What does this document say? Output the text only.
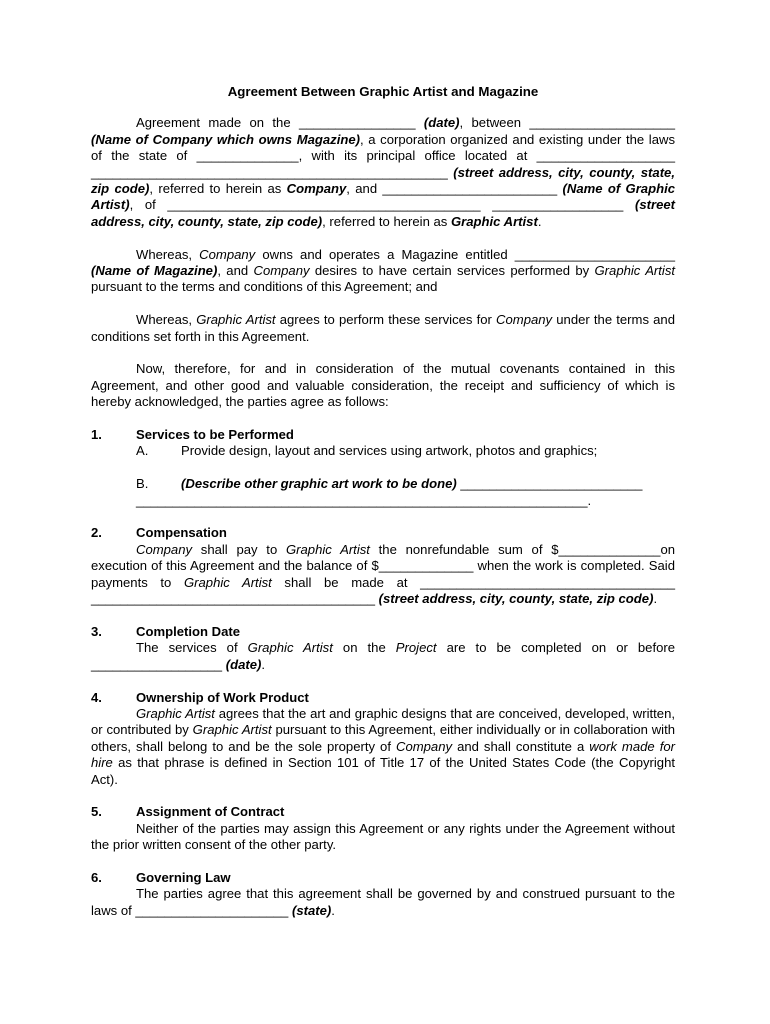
Agreement Between Graphic Artist and Magazine

Agreement made on the ________________ (date), between ____________________ (Name of Company which owns Magazine), a corporation organized and existing under the laws of the state of ______________, with its principal office located at ___________________ _________________________________________________ (street address, city, county, state, zip code), referred to herein as Company, and ________________________ (Name of Graphic Artist), of ___________________________________________ __________________ (street address, city, county, state, zip code), referred to herein as Graphic Artist.

Whereas, Company owns and operates a Magazine entitled ______________________ (Name of Magazine), and Company desires to have certain services performed by Graphic Artist pursuant to the terms and conditions of this Agreement; and

Whereas, Graphic Artist agrees to perform these services for Company under the terms and conditions set forth in this Agreement.

Now, therefore, for and in consideration of the mutual covenants contained in this Agreement, and other good and valuable consideration, the receipt and sufficiency of which is hereby acknowledged, the parties agree as follows:

1.	Services to be Performed
A. Provide design, layout and services using artwork, photos and graphics;
B. (Describe other graphic art work to be done) _________________________
______________________________________________________________.
2.	Compensation

Company shall pay to Graphic Artist the nonrefundable sum of $______________on execution of this Agreement and the balance of $_____________ when the work is completed. Said payments to Graphic Artist shall be made at ___________________________________ _______________________________________ (street address, city, county, state, zip code).

3.	Completion Date

The services of Graphic Artist on the Project are to be completed on or before __________________ (date).

4.	Ownership of Work Product

Graphic Artist agrees that the art and graphic designs that are conceived, developed, written, or contributed by Graphic Artist pursuant to this Agreement, either individually or in collaboration with others, shall belong to and be the sole property of Company and shall constitute a work made for hire as that phrase is defined in Section 101 of Title 17 of the United States Code (the Copyright Act).

5.	Assignment of Contract

Neither of the parties may assign this Agreement or any rights under the Agreement without the prior written consent of the other party.

6.	Governing Law

The parties agree that this agreement shall be governed by and construed pursuant to the laws of _____________________ (state).
